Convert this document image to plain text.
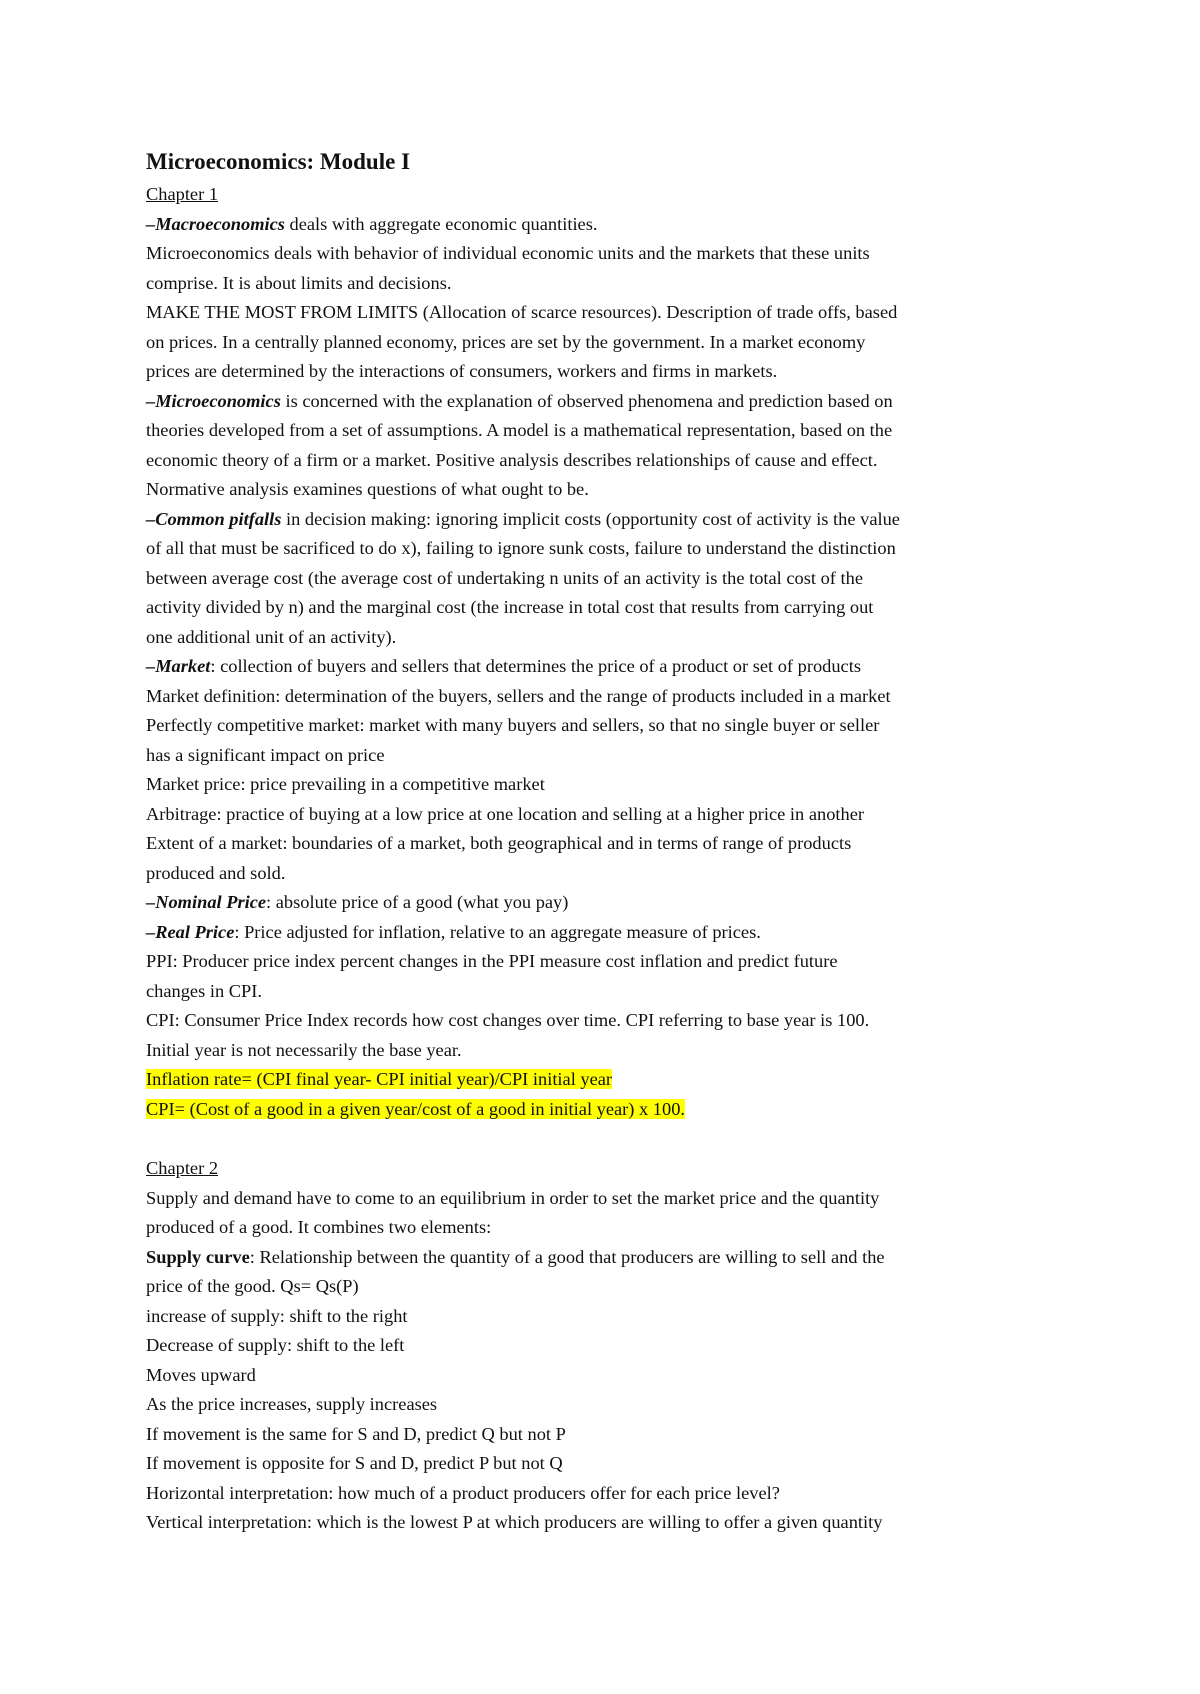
Microeconomics: Module I
Chapter 1
–Macroeconomics deals with aggregate economic quantities.
Microeconomics deals with behavior of individual economic units and the markets that these units
comprise. It is about limits and decisions.
MAKE THE MOST FROM LIMITS (Allocation of scarce resources). Description of trade offs, based
on prices. In a centrally planned economy, prices are set by the government. In a market economy
prices are determined by the interactions of consumers, workers and firms in markets.
–Microeconomics is concerned with the explanation of observed phenomena and prediction based on
theories developed from a set of assumptions. A model is a mathematical representation, based on the
economic theory of a firm or a market. Positive analysis describes relationships of cause and effect.
Normative analysis examines questions of what ought to be.
–Common pitfalls in decision making: ignoring implicit costs (opportunity cost of activity is the value
of all that must be sacrificed to do x), failing to ignore sunk costs, failure to understand the distinction
between average cost (the average cost of undertaking n units of an activity is the total cost of the
activity divided by n) and the marginal cost (the increase in total cost that results from carrying out
one additional unit of an activity).
–Market: collection of buyers and sellers that determines the price of a product or set of products
Market definition: determination of the buyers, sellers and the range of products included in a market
Perfectly competitive market: market with many buyers and sellers, so that no single buyer or seller
has a significant impact on price
Market price: price prevailing in a competitive market
Arbitrage: practice of buying at a low price at one location and selling at a higher price in another
Extent of a market: boundaries of a market, both geographical and in terms of range of products
produced and sold.
–Nominal Price: absolute price of a good (what you pay)
–Real Price: Price adjusted for inflation, relative to an aggregate measure of prices.
PPI: Producer price index percent changes in the PPI measure cost inflation and predict future
changes in CPI.
CPI: Consumer Price Index records how cost changes over time. CPI referring to base year is 100.
Initial year is not necessarily the base year.
Inflation rate= (CPI final year- CPI initial year)/CPI initial year
CPI= (Cost of a good in a given year/cost of a good in initial year) x 100.
Chapter 2
Supply and demand have to come to an equilibrium in order to set the market price and the quantity
produced of a good. It combines two elements:
Supply curve: Relationship between the quantity of a good that producers are willing to sell and the
price of the good. Qs= Qs(P)
increase of supply: shift to the right
Decrease of supply: shift to the left
Moves upward
As the price increases, supply increases
If movement is the same for S and D, predict Q but not P
If movement is opposite for S and D, predict P but not Q
Horizontal interpretation: how much of a product producers offer for each price level?
Vertical interpretation: which is the lowest P at which producers are willing to offer a given quantity
